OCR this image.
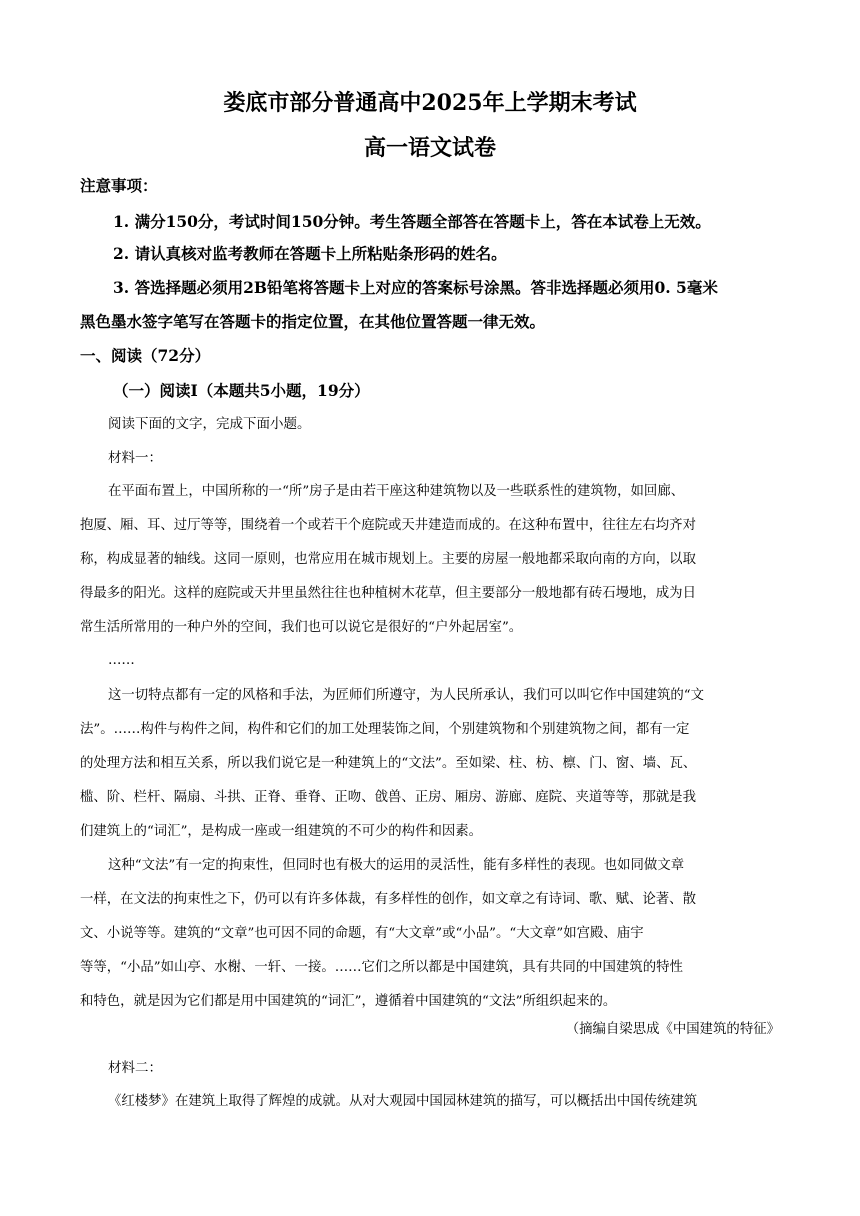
娄底市部分普通高中2025年上学期末考试
高一语文试卷

注意事项：

1. 满分150分，考试时间150分钟。考生答题全部答在答题卡上，答在本试卷上无效。

2. 请认真核对监考教师在答题卡上所粘贴条形码的姓名。

3. 答选择题必须用2B铅笔将答题卡上对应的答案标号涂黑。答非选择题必须用0. 5毫米

黑色墨水签字笔写在答题卡的指定位置，在其他位置答题一律无效。

一、阅读（72分）

（一）阅读Ⅰ（本题共5小题，19分）

阅读下面的文字，完成下面小题。

材料一：

在平面布置上，中国所称的一“所”房子是由若干座这种建筑物以及一些联系性的建筑物，如回廊、

抱厦、厢、耳、过厅等等，围绕着一个或若干个庭院或天井建造而成的。在这种布置中，往往左右均齐对

称，构成显著的轴线。这同一原则，也常应用在城市规划上。主要的房屋一般地都采取向南的方向，以取

得最多的阳光。这样的庭院或天井里虽然往往也种植树木花草，但主要部分一般地都有砖石墁地，成为日

常生活所常用的一种户外的空间，我们也可以说它是很好的“户外起居室”。

……

这一切特点都有一定的风格和手法，为匠师们所遵守，为人民所承认，我们可以叫它作中国建筑的“文

法”。……构件与构件之间，构件和它们的加工处理装饰之间，个别建筑物和个别建筑物之间，都有一定

的处理方法和相互关系，所以我们说它是一种建筑上的“文法”。至如梁、柱、枋、檩、门、窗、墙、瓦、

槛、阶、栏杆、隔扇、斗拱、正脊、垂脊、正吻、戗兽、正房、厢房、游廊、庭院、夹道等等，那就是我

们建筑上的“词汇”，是构成一座或一组建筑的不可少的构件和因素。

这种“文法”有一定的拘束性，但同时也有极大的运用的灵活性，能有多样性的表现。也如同做文章

一样，在文法的拘束性之下，仍可以有许多体裁，有多样性的创作，如文章之有诗词、歌、赋、论著、散

文、小说等等。建筑的“文章”也可因不同的命题，有“大文章”或“小品”。“大文章”如宫殿、庙宇

等等，“小品”如山亭、水榭、一轩、一接。……它们之所以都是中国建筑，具有共同的中国建筑的特性

和特色，就是因为它们都是用中国建筑的“词汇”，遵循着中国建筑的“文法”所组织起来的。

（摘编自梁思成《中国建筑的特征》

材料二：

《红楼梦》在建筑上取得了辉煌的成就。从对大观园中国园林建筑的描写，可以概括出中国传统建筑
